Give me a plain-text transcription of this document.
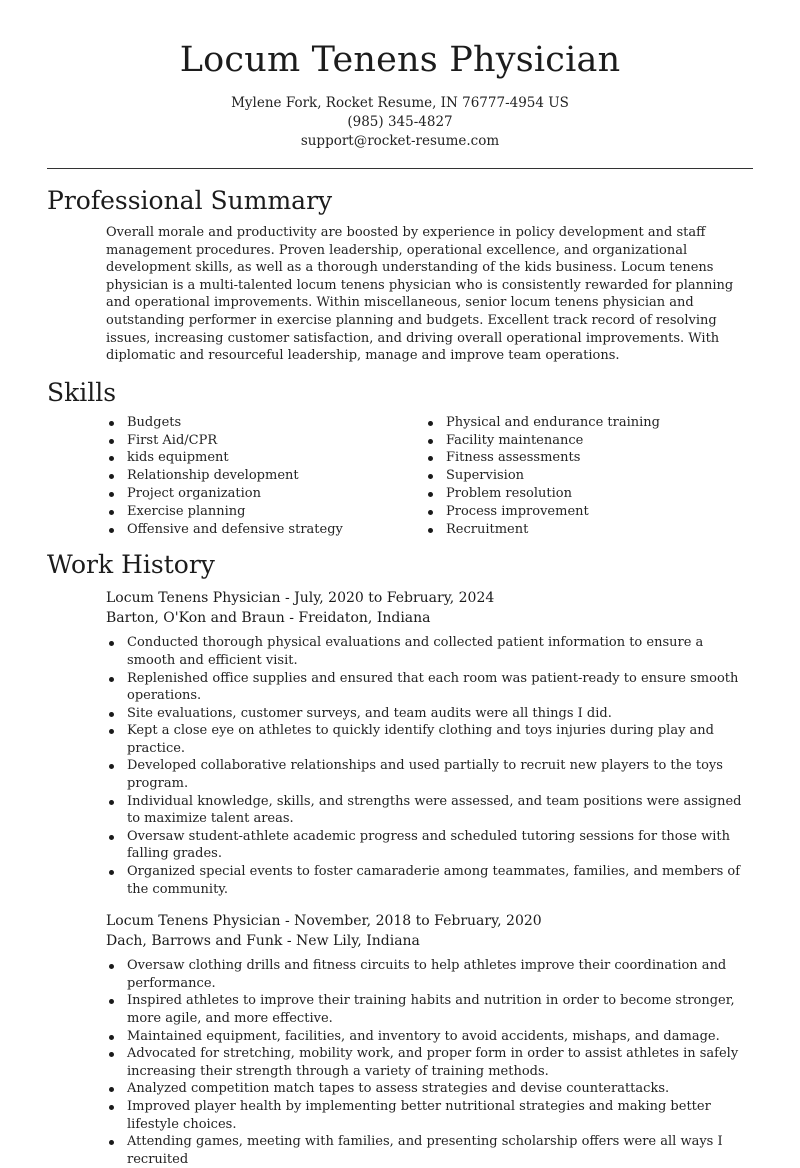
Locum Tenens Physician
Mylene Fork, Rocket Resume, IN 76777-4954 US
(985) 345-4827
support@rocket-resume.com
Professional Summary

Overall morale and productivity are boosted by experience in policy development and staff management procedures. Proven leadership, operational excellence, and organizational development skills, as well as a thorough understanding of the kids business. Locum tenens physician is a multi-talented locum tenens physician who is consistently rewarded for planning and operational improvements. Within miscellaneous, senior locum tenens physician and outstanding performer in exercise planning and budgets. Excellent track record of resolving issues, increasing customer satisfaction, and driving overall operational improvements. With diplomatic and resourceful leadership, manage and improve team operations.

Skills
Budgets
First Aid/CPR
kids equipment
Relationship development
Project organization
Exercise planning
Offensive and defensive strategy
Physical and endurance training
Facility maintenance
Fitness assessments
Supervision
Problem resolution
Process improvement
Recruitment
Work History
Locum Tenens Physician - July, 2020 to February, 2024
Barton, O'Kon and Braun - Freidaton, Indiana
Conducted thorough physical evaluations and collected patient information to ensure a smooth and efficient visit.
Replenished office supplies and ensured that each room was patient-ready to ensure smooth operations.
Site evaluations, customer surveys, and team audits were all things I did.
Kept a close eye on athletes to quickly identify clothing and toys injuries during play and practice.
Developed collaborative relationships and used partially to recruit new players to the toys program.
Individual knowledge, skills, and strengths were assessed, and team positions were assigned to maximize talent areas.
Oversaw student-athlete academic progress and scheduled tutoring sessions for those with falling grades.
Organized special events to foster camaraderie among teammates, families, and members of the community.
Locum Tenens Physician - November, 2018 to February, 2020
Dach, Barrows and Funk - New Lily, Indiana
Oversaw clothing drills and fitness circuits to help athletes improve their coordination and performance.
Inspired athletes to improve their training habits and nutrition in order to become stronger, more agile, and more effective.
Maintained equipment, facilities, and inventory to avoid accidents, mishaps, and damage.
Advocated for stretching, mobility work, and proper form in order to assist athletes in safely increasing their strength through a variety of training methods.
Analyzed competition match tapes to assess strategies and devise counterattacks.
Improved player health by implementing better nutritional strategies and making better lifestyle choices.
Attending games, meeting with families, and presenting scholarship offers were all ways I recruited
